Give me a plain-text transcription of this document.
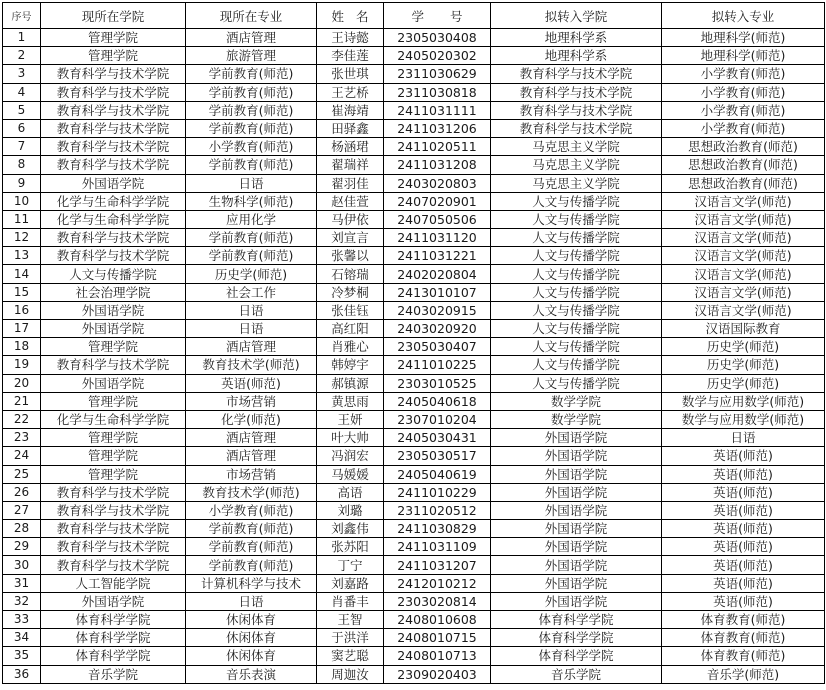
序号	现所在学院	现所在专业	姓名	学号	拟转入学院	拟转入专业
1	管理学院	酒店管理	王诗懿	2305030408	地理科学系	地理科学(师范)
2	管理学院	旅游管理	李佳莲	2405020302	地理科学系	地理科学(师范)
3	教育科学与技术学院	学前教育(师范)	张世琪	2311030629	教育科学与技术学院	小学教育(师范)
4	教育科学与技术学院	学前教育(师范)	王艺桥	2311030818	教育科学与技术学院	小学教育(师范)
5	教育科学与技术学院	学前教育(师范)	崔海靖	2411031111	教育科学与技术学院	小学教育(师范)
6	教育科学与技术学院	学前教育(师范)	田驿鑫	2411031206	教育科学与技术学院	小学教育(师范)
7	教育科学与技术学院	小学教育(师范)	杨涵珺	2411020511	马克思主义学院	思想政治教育(师范)
8	教育科学与技术学院	学前教育(师范)	翟瑞祥	2411031208	马克思主义学院	思想政治教育(师范)
9	外国语学院	日语	翟羽佳	2403020803	马克思主义学院	思想政治教育(师范)
10	化学与生命科学学院	生物科学(师范)	赵佳萱	2407020901	人文与传播学院	汉语言文学(师范)
11	化学与生命科学学院	应用化学	马伊依	2407050506	人文与传播学院	汉语言文学(师范)
12	教育科学与技术学院	学前教育(师范)	刘宣言	2411031120	人文与传播学院	汉语言文学(师范)
13	教育科学与技术学院	学前教育(师范)	张馨以	2411031221	人文与传播学院	汉语言文学(师范)
14	人文与传播学院	历史学(师范)	石镕瑞	2402020804	人文与传播学院	汉语言文学(师范)
15	社会治理学院	社会工作	冷梦桐	2413010107	人文与传播学院	汉语言文学(师范)
16	外国语学院	日语	张佳钰	2403020915	人文与传播学院	汉语言文学(师范)
17	外国语学院	日语	高红阳	2403020920	人文与传播学院	汉语国际教育
18	管理学院	酒店管理	肖雅心	2305030407	人文与传播学院	历史学(师范)
19	教育科学与技术学院	教育技术学(师范)	韩婷宇	2411010225	人文与传播学院	历史学(师范)
20	外国语学院	英语(师范)	郝镇源	2303010525	人文与传播学院	历史学(师范)
21	管理学院	市场营销	黄思雨	2405040618	数学学院	数学与应用数学(师范)
22	化学与生命科学学院	化学(师范)	王妍	2307010204	数学学院	数学与应用数学(师范)
23	管理学院	酒店管理	叶大帅	2405030431	外国语学院	日语
24	管理学院	酒店管理	冯润宏	2305030517	外国语学院	英语(师范)
25	管理学院	市场营销	马媛媛	2405040619	外国语学院	英语(师范)
26	教育科学与技术学院	教育技术学(师范)	高语	2411010229	外国语学院	英语(师范)
27	教育科学与技术学院	小学教育(师范)	刘璐	2311020512	外国语学院	英语(师范)
28	教育科学与技术学院	学前教育(师范)	刘鑫伟	2411030829	外国语学院	英语(师范)
29	教育科学与技术学院	学前教育(师范)	张苏阳	2411031109	外国语学院	英语(师范)
30	教育科学与技术学院	学前教育(师范)	丁宁	2411031207	外国语学院	英语(师范)
31	人工智能学院	计算机科学与技术	刘嘉路	2412010212	外国语学院	英语(师范)
32	外国语学院	日语	肖番丰	2303020814	外国语学院	英语(师范)
33	体育科学学院	休闲体育	王智	2408010608	体育科学学院	体育教育(师范)
34	体育科学学院	休闲体育	于洪洋	2408010715	体育科学学院	体育教育(师范)
35	体育科学学院	休闲体育	窦艺聪	2408010713	体育科学学院	体育教育(师范)
36	音乐学院	音乐表演	周迦汝	2309020403	音乐学院	音乐学(师范)
